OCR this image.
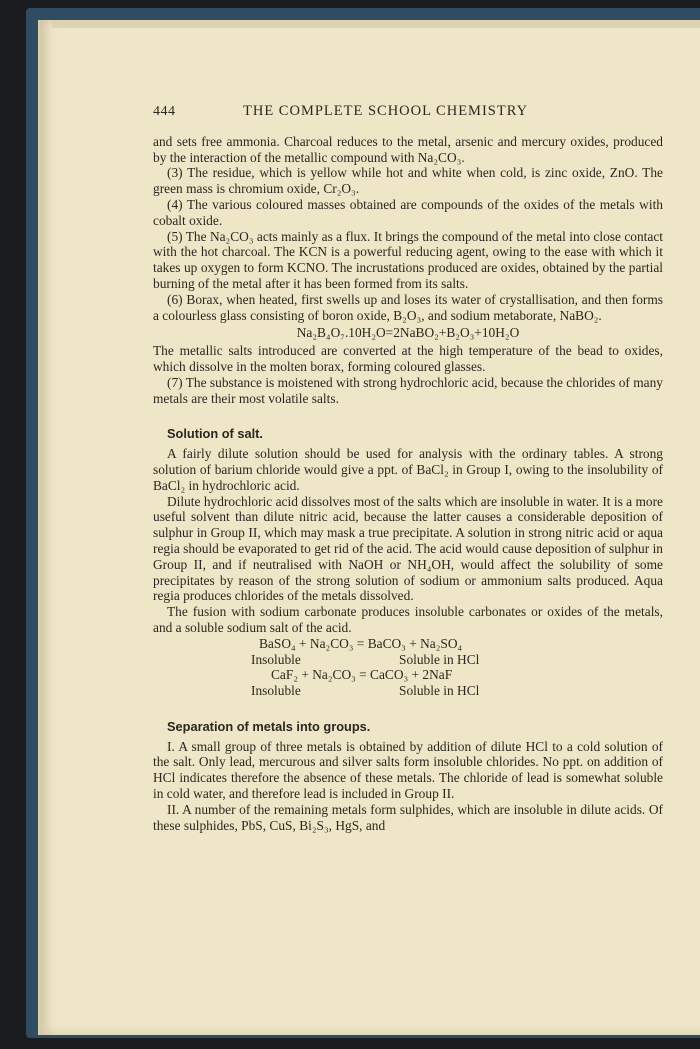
444	THE COMPLETE SCHOOL CHEMISTRY

and sets free ammonia. Charcoal reduces to the metal, arsenic and mercury oxides, produced by the interaction of the metallic compound with Na₂CO₃.

(3) The residue, which is yellow while hot and white when cold, is zinc oxide, ZnO. The green mass is chromium oxide, Cr₂O₃.

(4) The various coloured masses obtained are compounds of the oxides of the metals with cobalt oxide.

(5) The Na₂CO₃ acts mainly as a flux. It brings the compound of the metal into close contact with the hot charcoal. The KCN is a powerful reducing agent, owing to the ease with which it takes up oxygen to form KCNO. The incrustations produced are oxides, obtained by the partial burning of the metal after it has been formed from its salts.

(6) Borax, when heated, first swells up and loses its water of crystallisation, and then forms a colourless glass consisting of boron oxide, B₂O₃, and sodium metaborate, NaBO₂.

Na₂B₄O₇.10H₂O=2NaBO₂+B₂O₃+10H₂O

The metallic salts introduced are converted at the high temperature of the bead to oxides, which dissolve in the molten borax, forming coloured glasses.

(7) The substance is moistened with strong hydrochloric acid, because the chlorides of many metals are their most volatile salts.

Solution of salt.

A fairly dilute solution should be used for analysis with the ordinary tables. A strong solution of barium chloride would give a ppt. of BaCl₂ in Group I, owing to the insolubility of BaCl₂ in hydrochloric acid.

Dilute hydrochloric acid dissolves most of the salts which are insoluble in water. It is a more useful solvent than dilute nitric acid, because the latter causes a considerable deposition of sulphur in Group II, which may mask a true precipitate. A solution in strong nitric acid or aqua regia should be evaporated to get rid of the acid. The acid would cause deposition of sulphur in Group II, and if neutralised with NaOH or NH₄OH, would affect the solubility of some precipitates by reason of the strong solution of sodium or ammonium salts produced. Aqua regia produces chlorides of the metals dissolved.

The fusion with sodium carbonate produces insoluble carbonates or oxides of the metals, and a soluble sodium salt of the acid.

BaSO₄ + Na₂CO₃ = BaCO₃ + Na₂SO₄
Insoluble	Soluble in HCl
CaF₂ + Na₂CO₃ = CaCO₃ + 2NaF
Insoluble	Soluble in HCl
Separation of metals into groups.

I. A small group of three metals is obtained by addition of dilute HCl to a cold solution of the salt. Only lead, mercurous and silver salts form insoluble chlorides. No ppt. on addition of HCl indicates therefore the absence of these metals. The chloride of lead is somewhat soluble in cold water, and therefore lead is included in Group II.

II. A number of the remaining metals form sulphides, which are insoluble in dilute acids. Of these sulphides, PbS, CuS, Bi₂S₃, HgS, and
